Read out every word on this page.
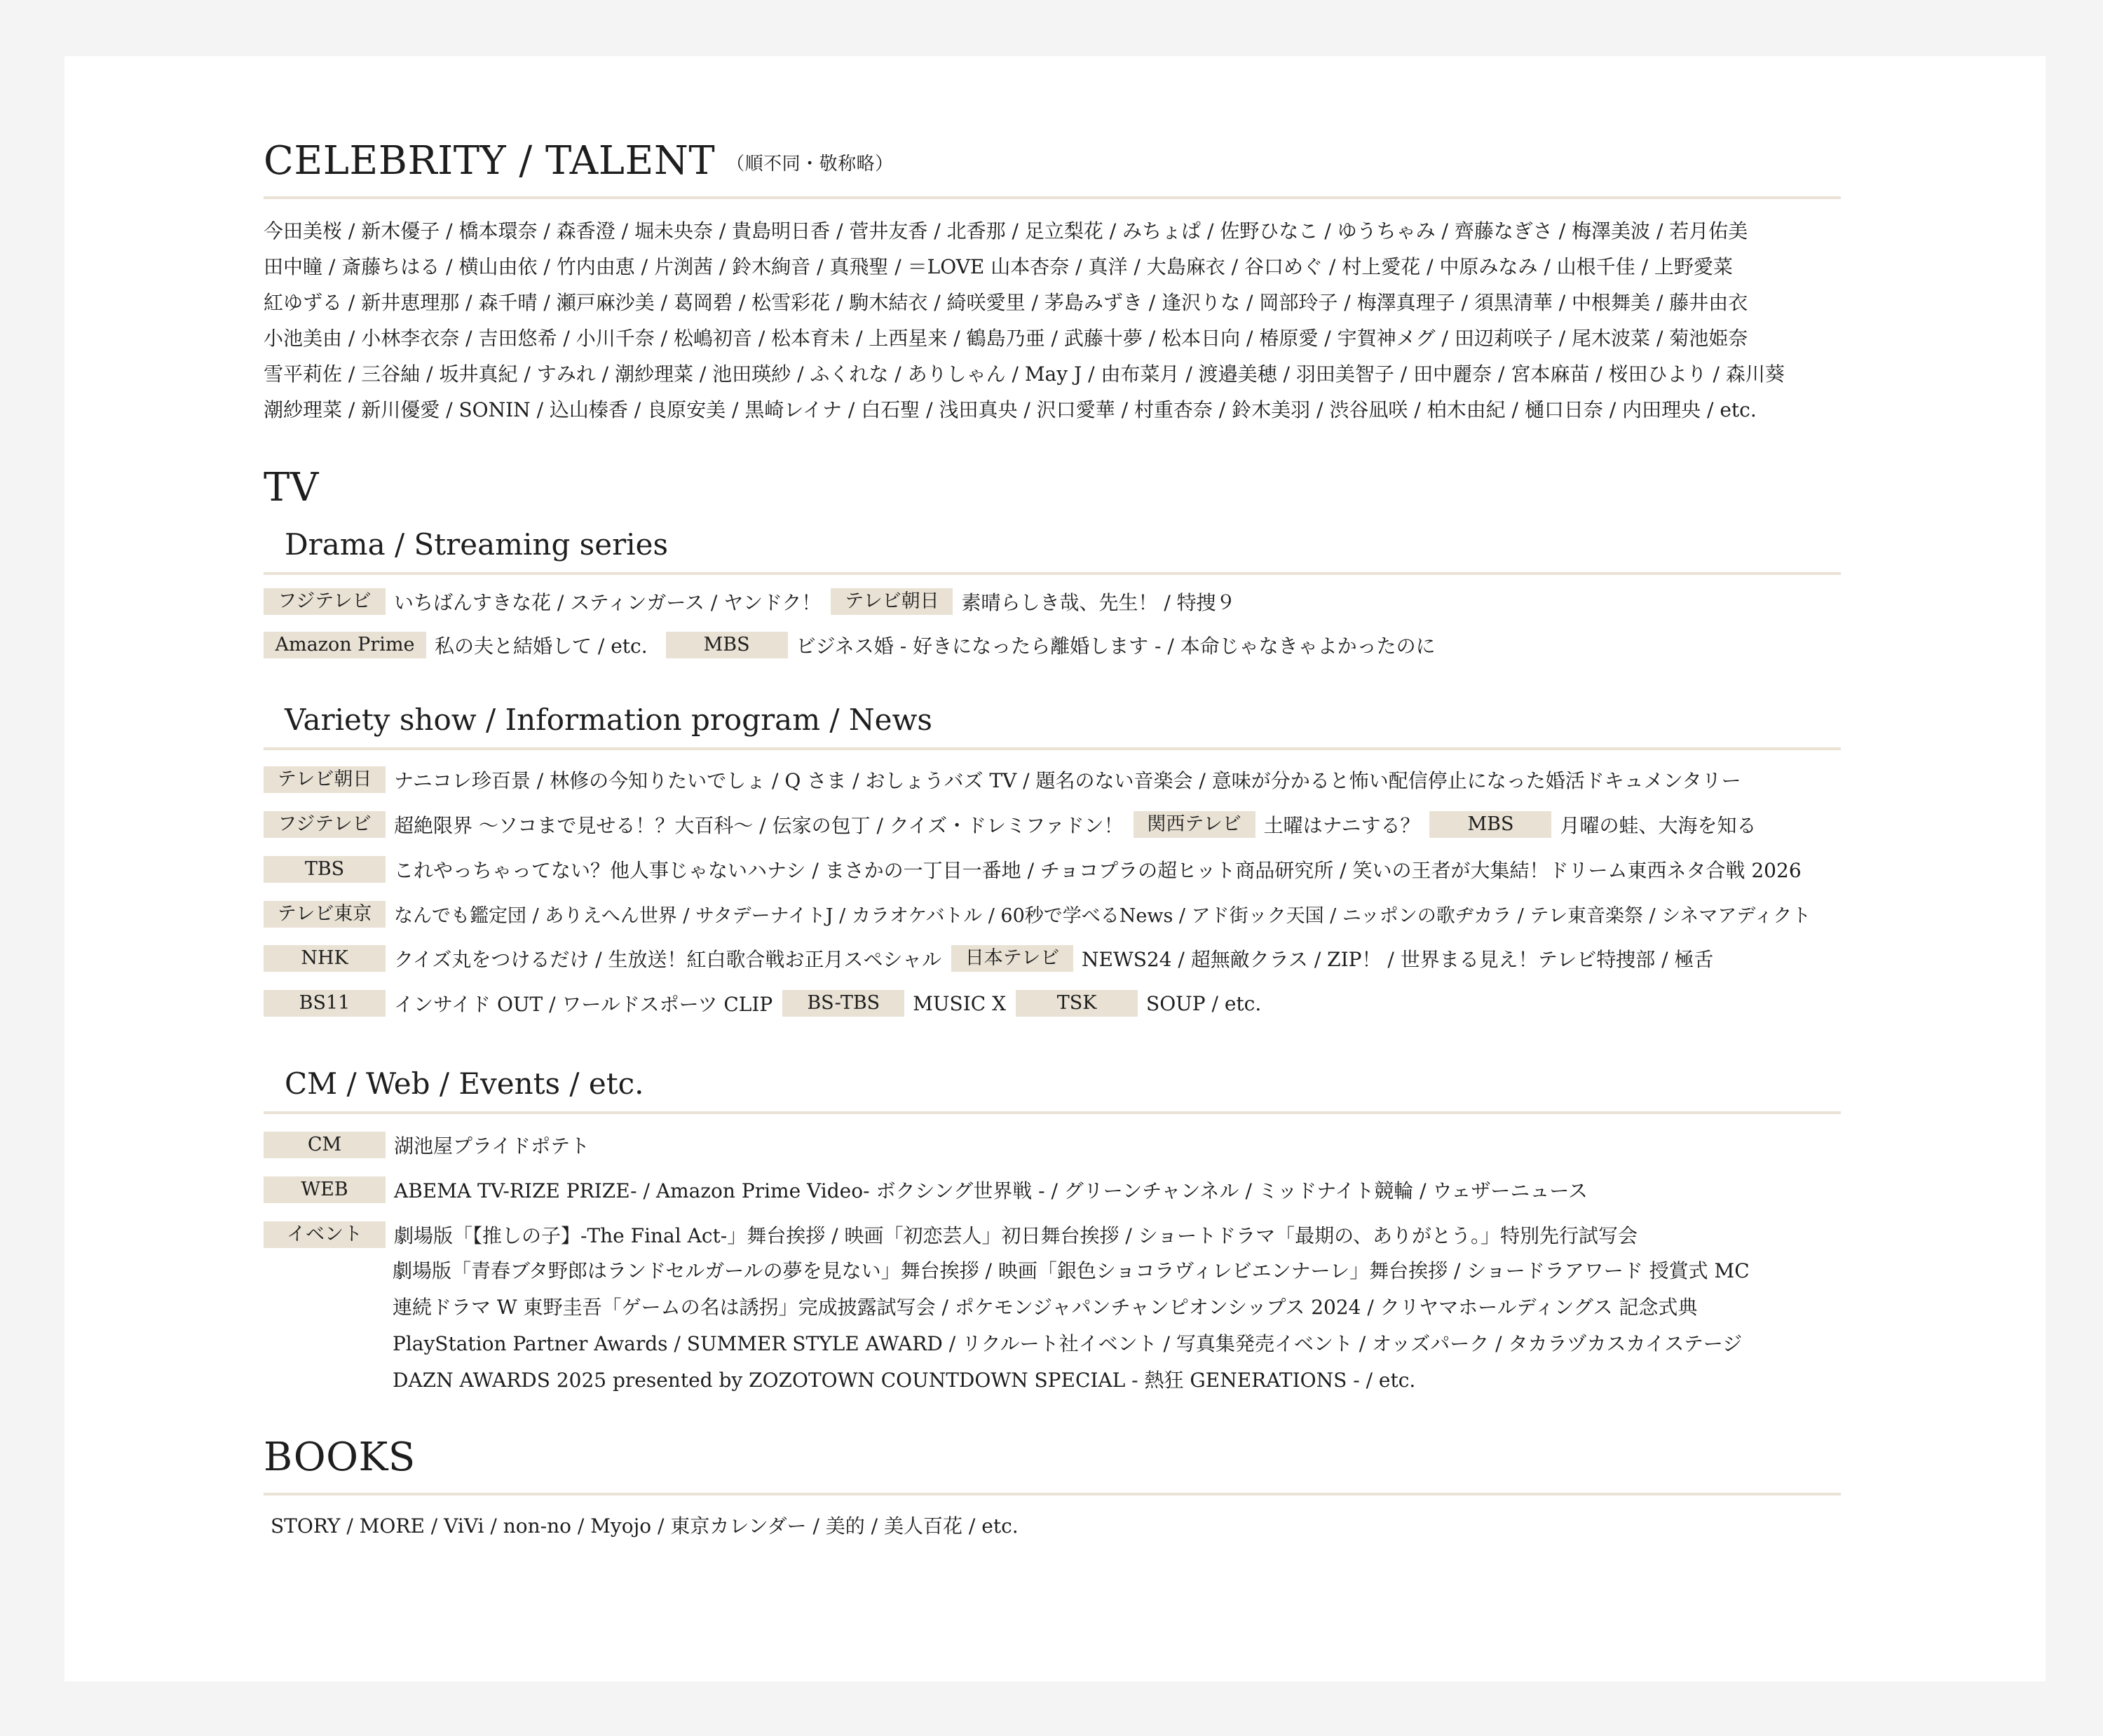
CELEBRITY / TALENT （順不同・敬称略）
今田美桜 / 新木優子 / 橋本環奈 / 森香澄 / 堀未央奈 / 貴島明日香 / 菅井友香 / 北香那 / 足立梨花 / みちょぱ / 佐野ひなこ / ゆうちゃみ / 齊藤なぎさ / 梅澤美波 / 若月佑美
田中瞳 / 斎藤ちはる / 横山由依 / 竹内由恵 / 片渕茜 / 鈴木絢音 / 真飛聖 / ＝LOVE 山本杏奈 / 真洋 / 大島麻衣 / 谷口めぐ / 村上愛花 / 中原みなみ / 山根千佳 / 上野愛菜
紅ゆずる / 新井恵理那 / 森千晴 / 瀬戸麻沙美 / 葛岡碧 / 松雪彩花 / 駒木結衣 / 綺咲愛里 / 茅島みずき / 逢沢りな / 岡部玲子 / 梅澤真理子 / 須黒清華 / 中根舞美 / 藤井由衣
小池美由 / 小林李衣奈 / 吉田悠希 / 小川千奈 / 松嶋初音 / 松本育未 / 上西星来 / 鶴島乃亜 / 武藤十夢 / 松本日向 / 椿原愛 / 宇賀神メグ / 田辺莉咲子 / 尾木波菜 / 菊池姫奈
雪平莉佐 / 三谷紬 / 坂井真紀 / すみれ / 潮紗理菜 / 池田瑛紗 / ふくれな / ありしゃん / May J / 由布菜月 / 渡邉美穂 / 羽田美智子 / 田中麗奈 / 宮本麻苗 / 桜田ひより / 森川葵
潮紗理菜 / 新川優愛 / SONIN / 込山榛香 / 良原安美 / 黒崎レイナ / 白石聖 / 浅田真央 / 沢口愛華 / 村重杏奈 / 鈴木美羽 / 渋谷凪咲 / 柏木由紀 / 樋口日奈 / 内田理央 / etc.
TV
Drama / Streaming series
フジテレビ	いちばんすきな花 / スティンガース / ヤンドク！	テレビ朝日	素晴らしき哉、先生！ / 特捜９
Amazon Prime	私の夫と結婚して / etc.	MBS	ビジネス婚 - 好きになったら離婚します - / 本命じゃなきゃよかったのに
Variety show / Information program / News
テレビ朝日	ナニコレ珍百景 / 林修の今知りたいでしょ / Q さま / おしょうバズ TV / 題名のない音楽会 / 意味が分かると怖い配信停止になった婚活ドキュメンタリー
フジテレビ	超絶限界 〜ソコまで見せる！？大百科〜 / 伝家の包丁 / クイズ・ドレミファドン！	関西テレビ	土曜はナニする？	MBS	月曜の蛙、大海を知る
TBS	これやっちゃってない？他人事じゃないハナシ / まさかの一丁目一番地 / チョコプラの超ヒット商品研究所 / 笑いの王者が大集結！ドリーム東西ネタ合戦 2026
テレビ東京	なんでも鑑定団 / ありえへん世界 / サタデーナイトJ / カラオケバトル / 60秒で学べるNews / アド街ック天国 / ニッポンの歌ヂカラ / テレ東音楽祭 / シネマアディクト
NHK	クイズ丸をつけるだけ / 生放送！紅白歌合戦お正月スペシャル	日本テレビ	NEWS24 / 超無敵クラス / ZIP！ / 世界まる見え！テレビ特捜部 / 極舌
BS11	インサイド OUT / ワールドスポーツ CLIP	BS-TBS	MUSIC X	TSK	SOUP / etc.
CM / Web / Events / etc.
CM	湖池屋プライドポテト
WEB	ABEMA TV-RIZE PRIZE- / Amazon Prime Video- ボクシング世界戦 - / グリーンチャンネル / ミッドナイト競輪 / ウェザーニュース
イベント	劇場版「【推しの子】-The Final Act-」舞台挨拶 / 映画「初恋芸人」初日舞台挨拶 / ショートドラマ「最期の、ありがとう。」特別先行試写会
劇場版「青春ブタ野郎はランドセルガールの夢を見ない」舞台挨拶 / 映画「銀色ショコラヴィレビエンナーレ」舞台挨拶 / ショードラアワード 授賞式 MC
連続ドラマ W 東野圭吾「ゲームの名は誘拐」完成披露試写会 / ポケモンジャパンチャンピオンシップス 2024 / クリヤマホールディングス 記念式典
PlayStation Partner Awards / SUMMER STYLE AWARD / リクルート社イベント / 写真集発売イベント / オッズパーク / タカラヅカスカイステージ
DAZN AWARDS 2025 presented by ZOZOTOWN COUNTDOWN SPECIAL - 熱狂 GENERATIONS - / etc.
BOOKS
STORY / MORE / ViVi / non-no / Myojo / 東京カレンダー / 美的 / 美人百花 / etc.
